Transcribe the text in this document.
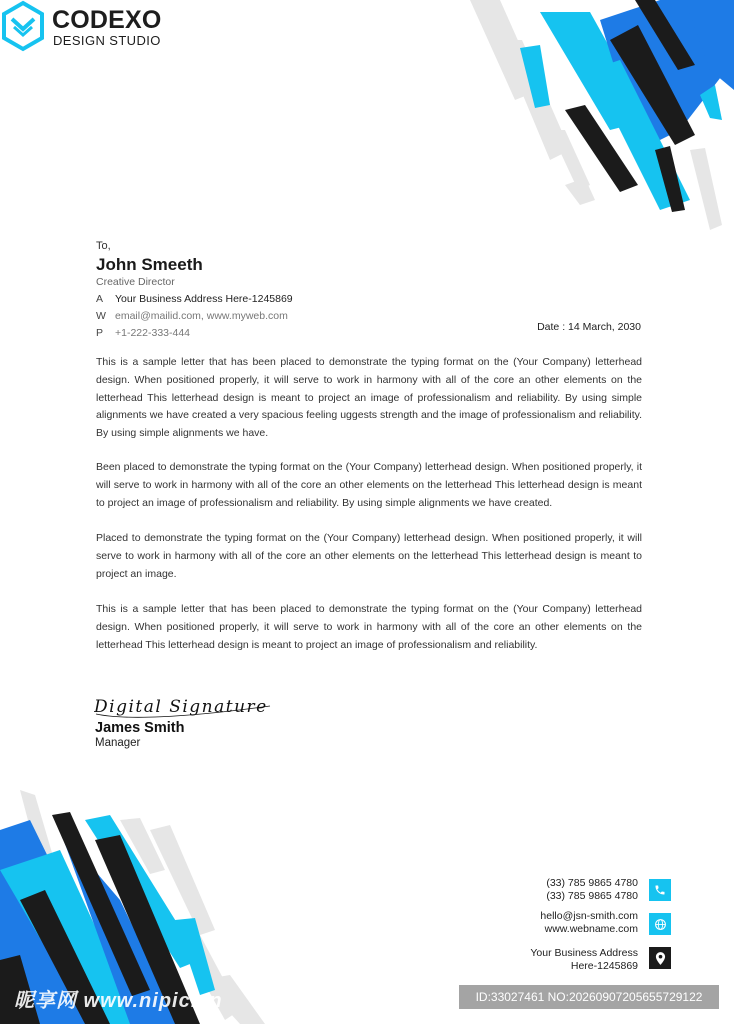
CODEXO
DESIGN STUDIO
To,
John Smeeth
Creative Director
A Your Business Address Here-1245869
W email@mailid.com, www.myweb.com
P +1-222-333-444	Date : 14 March, 2030
This is a sample letter that has been placed to demonstrate the typing format on the (Your Company) letterhead design. When positioned properly, it will serve to work in harmony with all of the core an other elements on the letterhead This letterhead design is meant to project an image of professionalism and reliability. By using simple alignments we have created a very spacious feeling uggests strength and the image of professionalism and reliability. By using simple alignments we have.
Been placed to demonstrate the typing format on the (Your Company) letterhead design. When positioned properly, it will serve to work in harmony with all of the core an other elements on the letterhead This letterhead design is meant to project an image of professionalism and reliability. By using simple alignments we have created.
Placed to demonstrate the typing format on the (Your Company) letterhead design. When positioned properly, it will serve to work in harmony with all of the core an other elements on the letterhead This letterhead design is meant to project an image.
This is a sample letter that has been placed to demonstrate the typing format on the (Your Company) letterhead design. When positioned properly, it will serve to work in harmony with all of the core an other elements on the letterhead This letterhead design is meant to project an image of professionalism and reliability.
Digital Signature
James Smith
Manager
(33) 785 9865 4780
(33) 785 9865 4780
hello@jsn-smith.com
www.webname.com
Your Business Address
Here-1245869
昵享网 www.nipic.cn	ID:33027461 NO:20260907205655729122
